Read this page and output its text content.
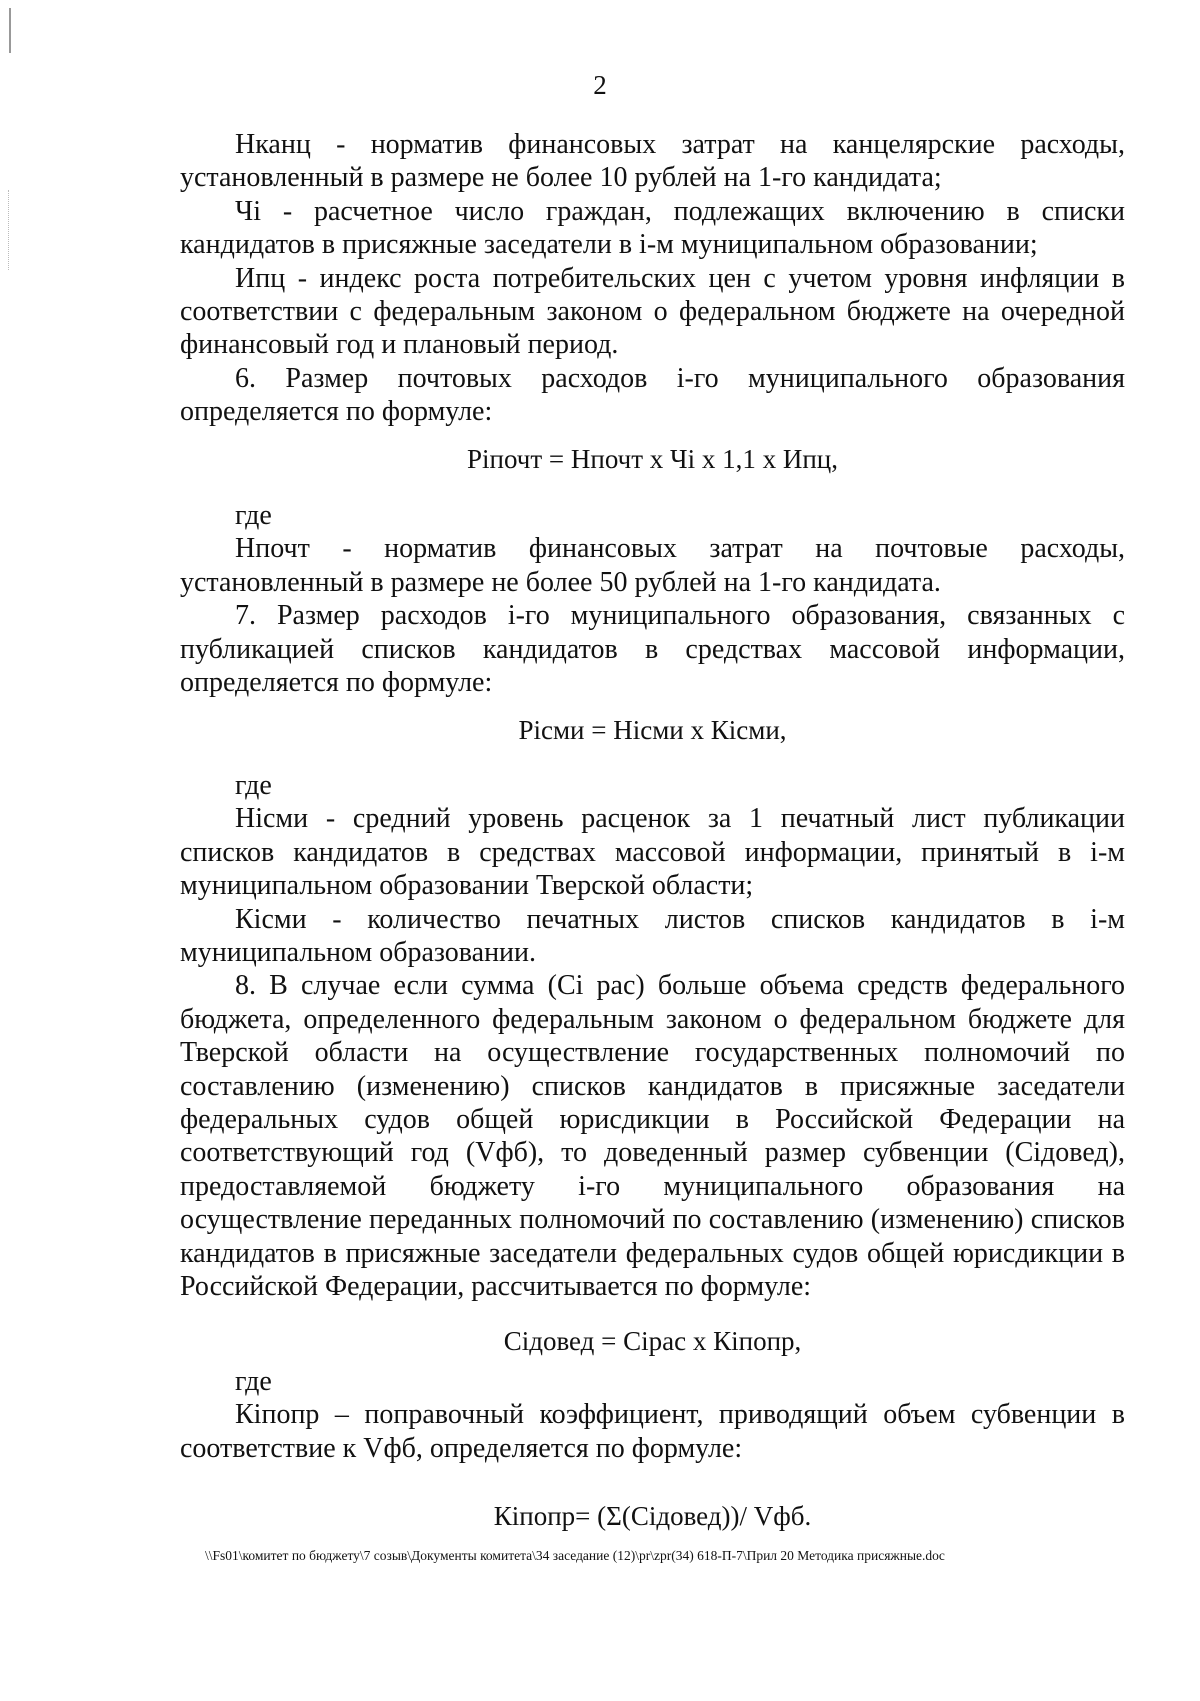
2

Нканц - норматив финансовых затрат на канцелярские расходы, установленный в размере не более 10 рублей на 1-го кандидата;

Чi - расчетное число граждан, подлежащих включению в списки кандидатов в присяжные заседатели в i-м муниципальном образовании;

Ипц - индекс роста потребительских цен с учетом уровня инфляции в соответствии с федеральным законом о федеральном бюджете на очередной финансовый год и плановый период.

6. Размер почтовых расходов i-го муниципального образования определяется по формуле:

Рiпочт = Нпочт х Чi х 1,1 х Ипц,

где

Нпочт - норматив финансовых затрат на почтовые расходы, установленный в размере не более 50 рублей на 1-го кандидата.

7. Размер расходов i-го муниципального образования, связанных с публикацией списков кандидатов в средствах массовой информации, определяется по формуле:

Рiсми = Нiсми х Кiсми,

где

Нiсми - средний уровень расценок за 1 печатный лист публикации списков кандидатов в средствах массовой информации, принятый в i-м муниципальном образовании Тверской области;

Кiсми - количество печатных листов списков кандидатов в i-м муниципальном образовании.

8. В случае если сумма (Ci рас) больше объема средств федерального бюджета, определенного федеральным законом о федеральном бюджете для Тверской области на осуществление государственных полномочий по составлению (изменению) списков кандидатов в присяжные заседатели федеральных судов общей юрисдикции в Российской Федерации на соответствующий год (Vфб), то доведенный размер субвенции (Сiдовед), предоставляемой бюджету i-го муниципального образования на осуществление переданных полномочий по составлению (изменению) списков кандидатов в присяжные заседатели федеральных судов общей юрисдикции в Российской Федерации, рассчитывается по формуле:

Сiдовед = Сiрас х Кiпопр,

где

Кiпопр – поправочный коэффициент, приводящий объем субвенции в соответствие к Vфб, определяется по формуле:

Кiпопр= (Σ(Сiдовед))/ Vфб.

\\Fs01\комитет по бюджету\7 созыв\Документы комитета\34 заседание (12)\pr\zpr(34) 618-П-7\Прил 20 Методика присяжные.doc
